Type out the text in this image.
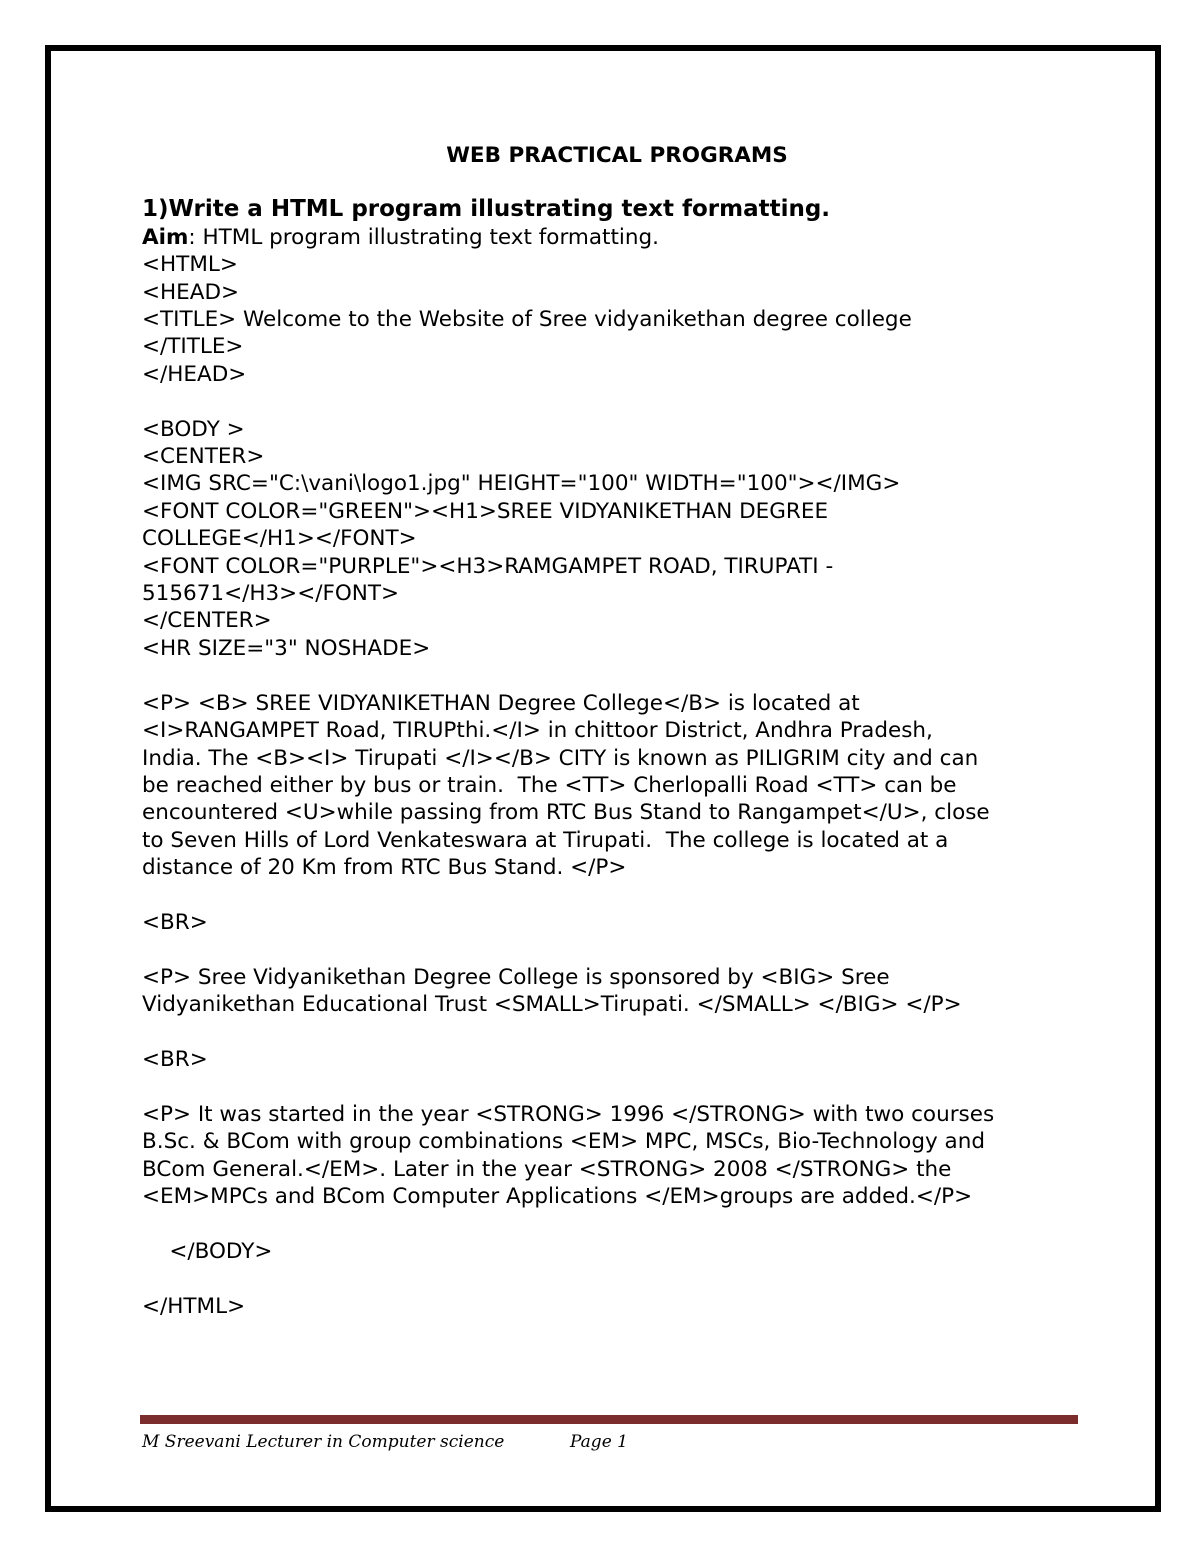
WEB PRACTICAL PROGRAMS
1)Write a HTML program illustrating text formatting.
Aim: HTML program illustrating text formatting.
<HTML>
<HEAD>
<TITLE> Welcome to the Website of Sree vidyanikethan degree college
</TITLE>
</HEAD>
<BODY >
<CENTER>
<IMG SRC="C:\vani\logo1.jpg" HEIGHT="100" WIDTH="100"></IMG>
<FONT COLOR="GREEN"><H1>SREE VIDYANIKETHAN DEGREE
COLLEGE</H1></FONT>
<FONT COLOR="PURPLE"><H3>RAMGAMPET ROAD, TIRUPATI -
515671</H3></FONT>
</CENTER>
<HR SIZE="3" NOSHADE>
<P> <B> SREE VIDYANIKETHAN Degree College</B> is located at
<I>RANGAMPET Road, TIRUPthi.</I> in chittoor District, Andhra Pradesh,
India. The <B><I> Tirupati </I></B> CITY is known as PILIGRIM city and can
be reached either by bus or train.  The <TT> Cherlopalli Road <TT> can be
encountered <U>while passing from RTC Bus Stand to Rangampet</U>, close
to Seven Hills of Lord Venkateswara at Tirupati.  The college is located at a
distance of 20 Km from RTC Bus Stand. </P>
<BR>
<P> Sree Vidyanikethan Degree College is sponsored by <BIG> Sree
Vidyanikethan Educational Trust <SMALL>Tirupati. </SMALL> </BIG> </P>
<BR>
<P> It was started in the year <STRONG> 1996 </STRONG> with two courses
B.Sc. & BCom with group combinations <EM> MPC, MSCs, Bio-Technology and
BCom General.</EM>. Later in the year <STRONG> 2008 </STRONG> the
<EM>MPCs and BCom Computer Applications </EM>groups are added.</P>
</BODY>
</HTML>
M Sreevani Lecturer in Computer science	Page 1
